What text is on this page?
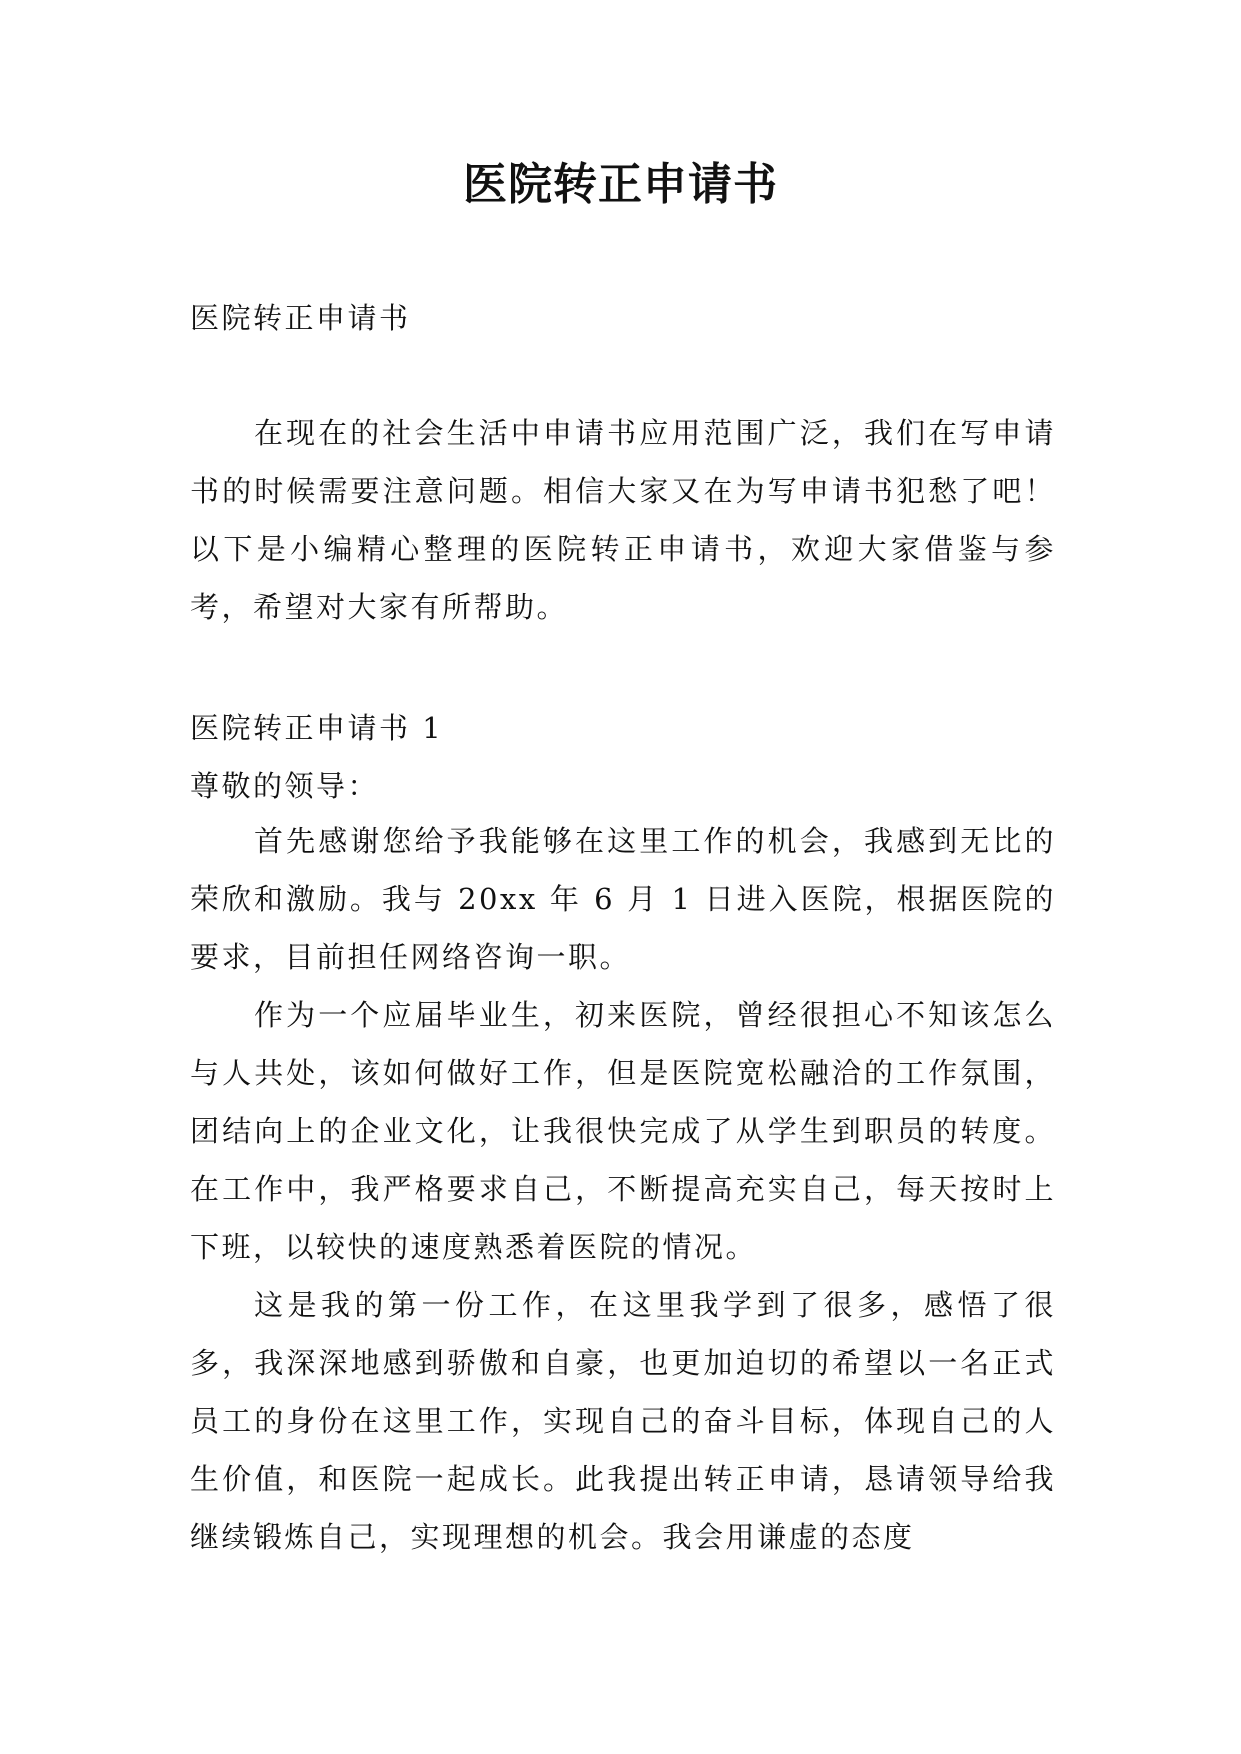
医院转正申请书
医院转正申请书
在现在的社会生活中申请书应用范围广泛，我们在写申请书的时候需要注意问题。相信大家又在为写申请书犯愁了吧！以下是小编精心整理的医院转正申请书，欢迎大家借鉴与参考，希望对大家有所帮助。
医院转正申请书 1
尊敬的领导：

首先感谢您给予我能够在这里工作的机会，我感到无比的荣欣和激励。我与 20xx 年 6 月 1 日进入医院，根据医院的要求，目前担任网络咨询一职。

作为一个应届毕业生，初来医院，曾经很担心不知该怎么与人共处，该如何做好工作，但是医院宽松融洽的工作氛围，团结向上的企业文化，让我很快完成了从学生到职员的转度。在工作中，我严格要求自己，不断提高充实自己，每天按时上下班，以较快的速度熟悉着医院的情况。

这是我的第一份工作，在这里我学到了很多，感悟了很多，我深深地感到骄傲和自豪，也更加迫切的希望以一名正式员工的身份在这里工作，实现自己的奋斗目标，体现自己的人生价值，和医院一起成长。此我提出转正申请，恳请领导给我继续锻炼自己，实现理想的机会。我会用谦虚的态度
